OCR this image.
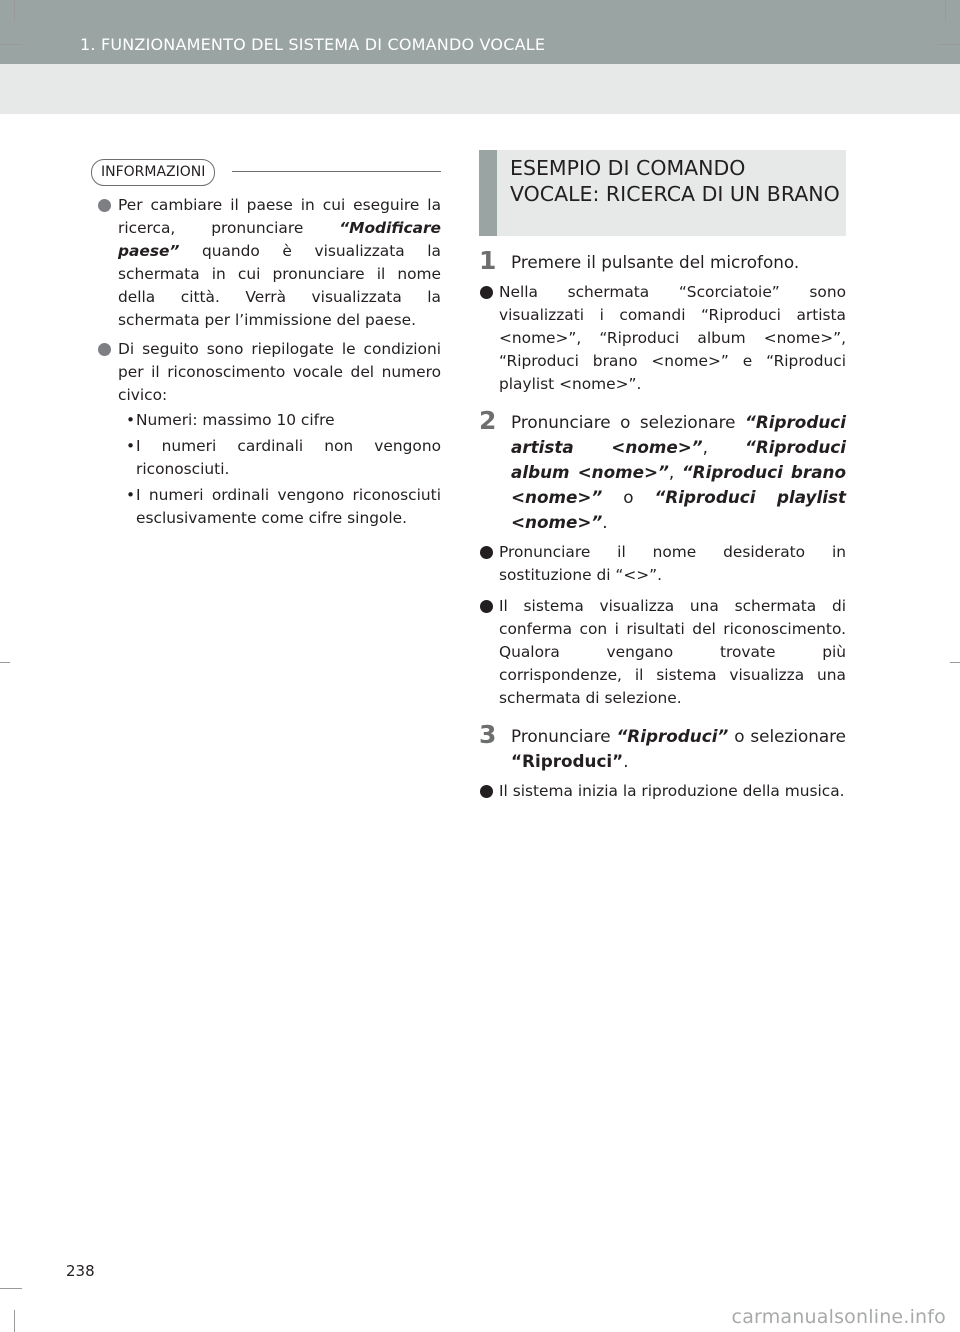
1. FUNZIONAMENTO DEL SISTEMA DI COMANDO VOCALE
INFORMAZIONI
Per cambiare il paese in cui eseguire la ricerca, pronunciare “Modificare paese” quando è visualizzata la schermata in cui pronunciare il nome della città. Verrà visualizzata la schermata per l’immissione del paese.
Di seguito sono riepilogate le condizioni per il riconoscimento vocale del numero civico:
• Numeri: massimo 10 cifre
• I numeri cardinali non vengono riconosciuti.
• I numeri ordinali vengono riconosciuti esclusivamente come cifre singole.
ESEMPIO DI COMANDO VOCALE: RICERCA DI UN BRANO
1 Premere il pulsante del microfono.
Nella schermata “Scorciatoie” sono visualizzati i comandi “Riproduci artista <nome>”, “Riproduci album <nome>”, “Riproduci brano <nome>” e “Riproduci playlist <nome>”.
2 Pronunciare o selezionare “Riproduci artista <nome>”, “Riproduci album <nome>”, “Riproduci brano <nome>” o “Riproduci playlist <nome>”.
Pronunciare il nome desiderato in sostituzione di “<>”.
Il sistema visualizza una schermata di conferma con i risultati del riconoscimento. Qualora vengano trovate più corrispondenze, il sistema visualizza una schermata di selezione.
3 Pronunciare “Riproduci” o selezionare “Riproduci”.
Il sistema inizia la riproduzione della musica.
238
carmanualsonline.info
